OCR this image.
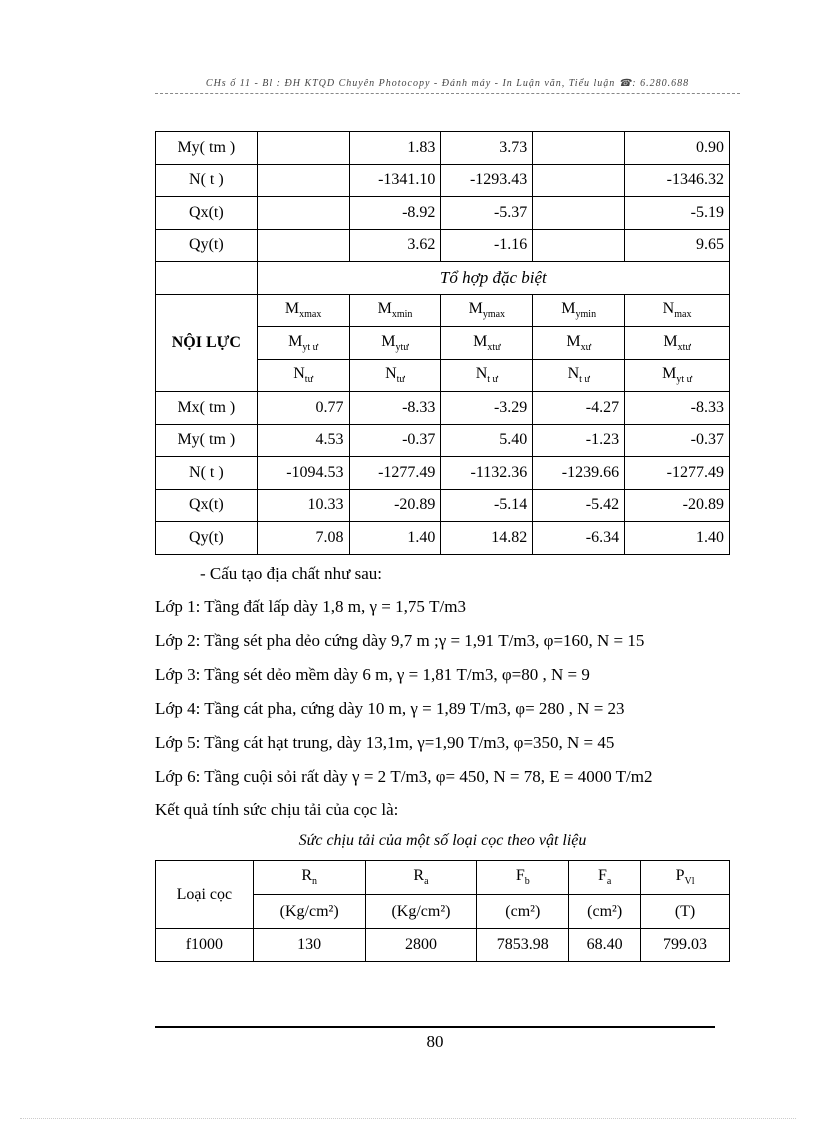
CHs ố 11 - Bl : ĐH KTQD Chuyên Photocopy - Đánh máy - In Luận văn, Tiểu luận ☎: 6.280.688
My( tm )		1.83	3.73		0.90
N( t )		-1341.10	-1293.43		-1346.32
Qx(t)		-8.92	-5.37		-5.19
Qy(t)		3.62	-1.16		9.65
	Tổ hợp đặc biệt				
NỘI LỰC	$M_{xmax}$	$M_{xmin}$	$M_{ymax}$	$M_{ymin}$	$N_{max}$
	$M_{yt ư}$	$M_{ytư}$	$M_{xtư}$	$M_{xư}$	$M_{xtư}$
	$N_{tư}$	$N_{tư}$	$N_{t ư}$	$N_{t ư}$	$M_{yt ư}$
Mx( tm )	0.77	-8.33	-3.29	-4.27	-8.33
My( tm )	4.53	-0.37	5.40	-1.23	-0.37
N( t )	-1094.53	-1277.49	-1132.36	-1239.66	-1277.49
Qx(t)	10.33	-20.89	-5.14	-5.42	-20.89
Qy(t)	7.08	1.40	14.82	-6.34	1.40
- Cấu tạo địa chất như sau:
Lớp 1: Tầng đất lấp dày 1,8 m, γ = 1,75 T/m3
Lớp 2: Tầng sét pha dẻo cứng dày 9,7 m ;γ = 1,91 T/m3, φ=160, N = 15
Lớp 3: Tầng sét dẻo mềm dày 6 m, γ = 1,81 T/m3, φ=80 , N = 9
Lớp 4: Tầng cát pha, cứng dày 10 m, γ = 1,89 T/m3, φ= 280 , N = 23
Lớp 5: Tầng cát hạt trung, dày 13,1m, γ=1,90 T/m3, φ=350, N = 45
Lớp 6: Tầng cuội sỏi rất dày γ = 2 T/m3, φ= 450, N = 78, E = 4000 T/m2
Kết quả tính sức chịu tải của cọc là:
Sức chịu tải của một số loại cọc theo vật liệu
Loại cọc	$R_n$	$R_a$	$F_b$	$F_a$	$P_{Vl}$
	(Kg/cm²)	(Kg/cm²)	(cm²)	(cm²)	(T)
f1000	130	2800	7853.98	68.40	799.03
80
